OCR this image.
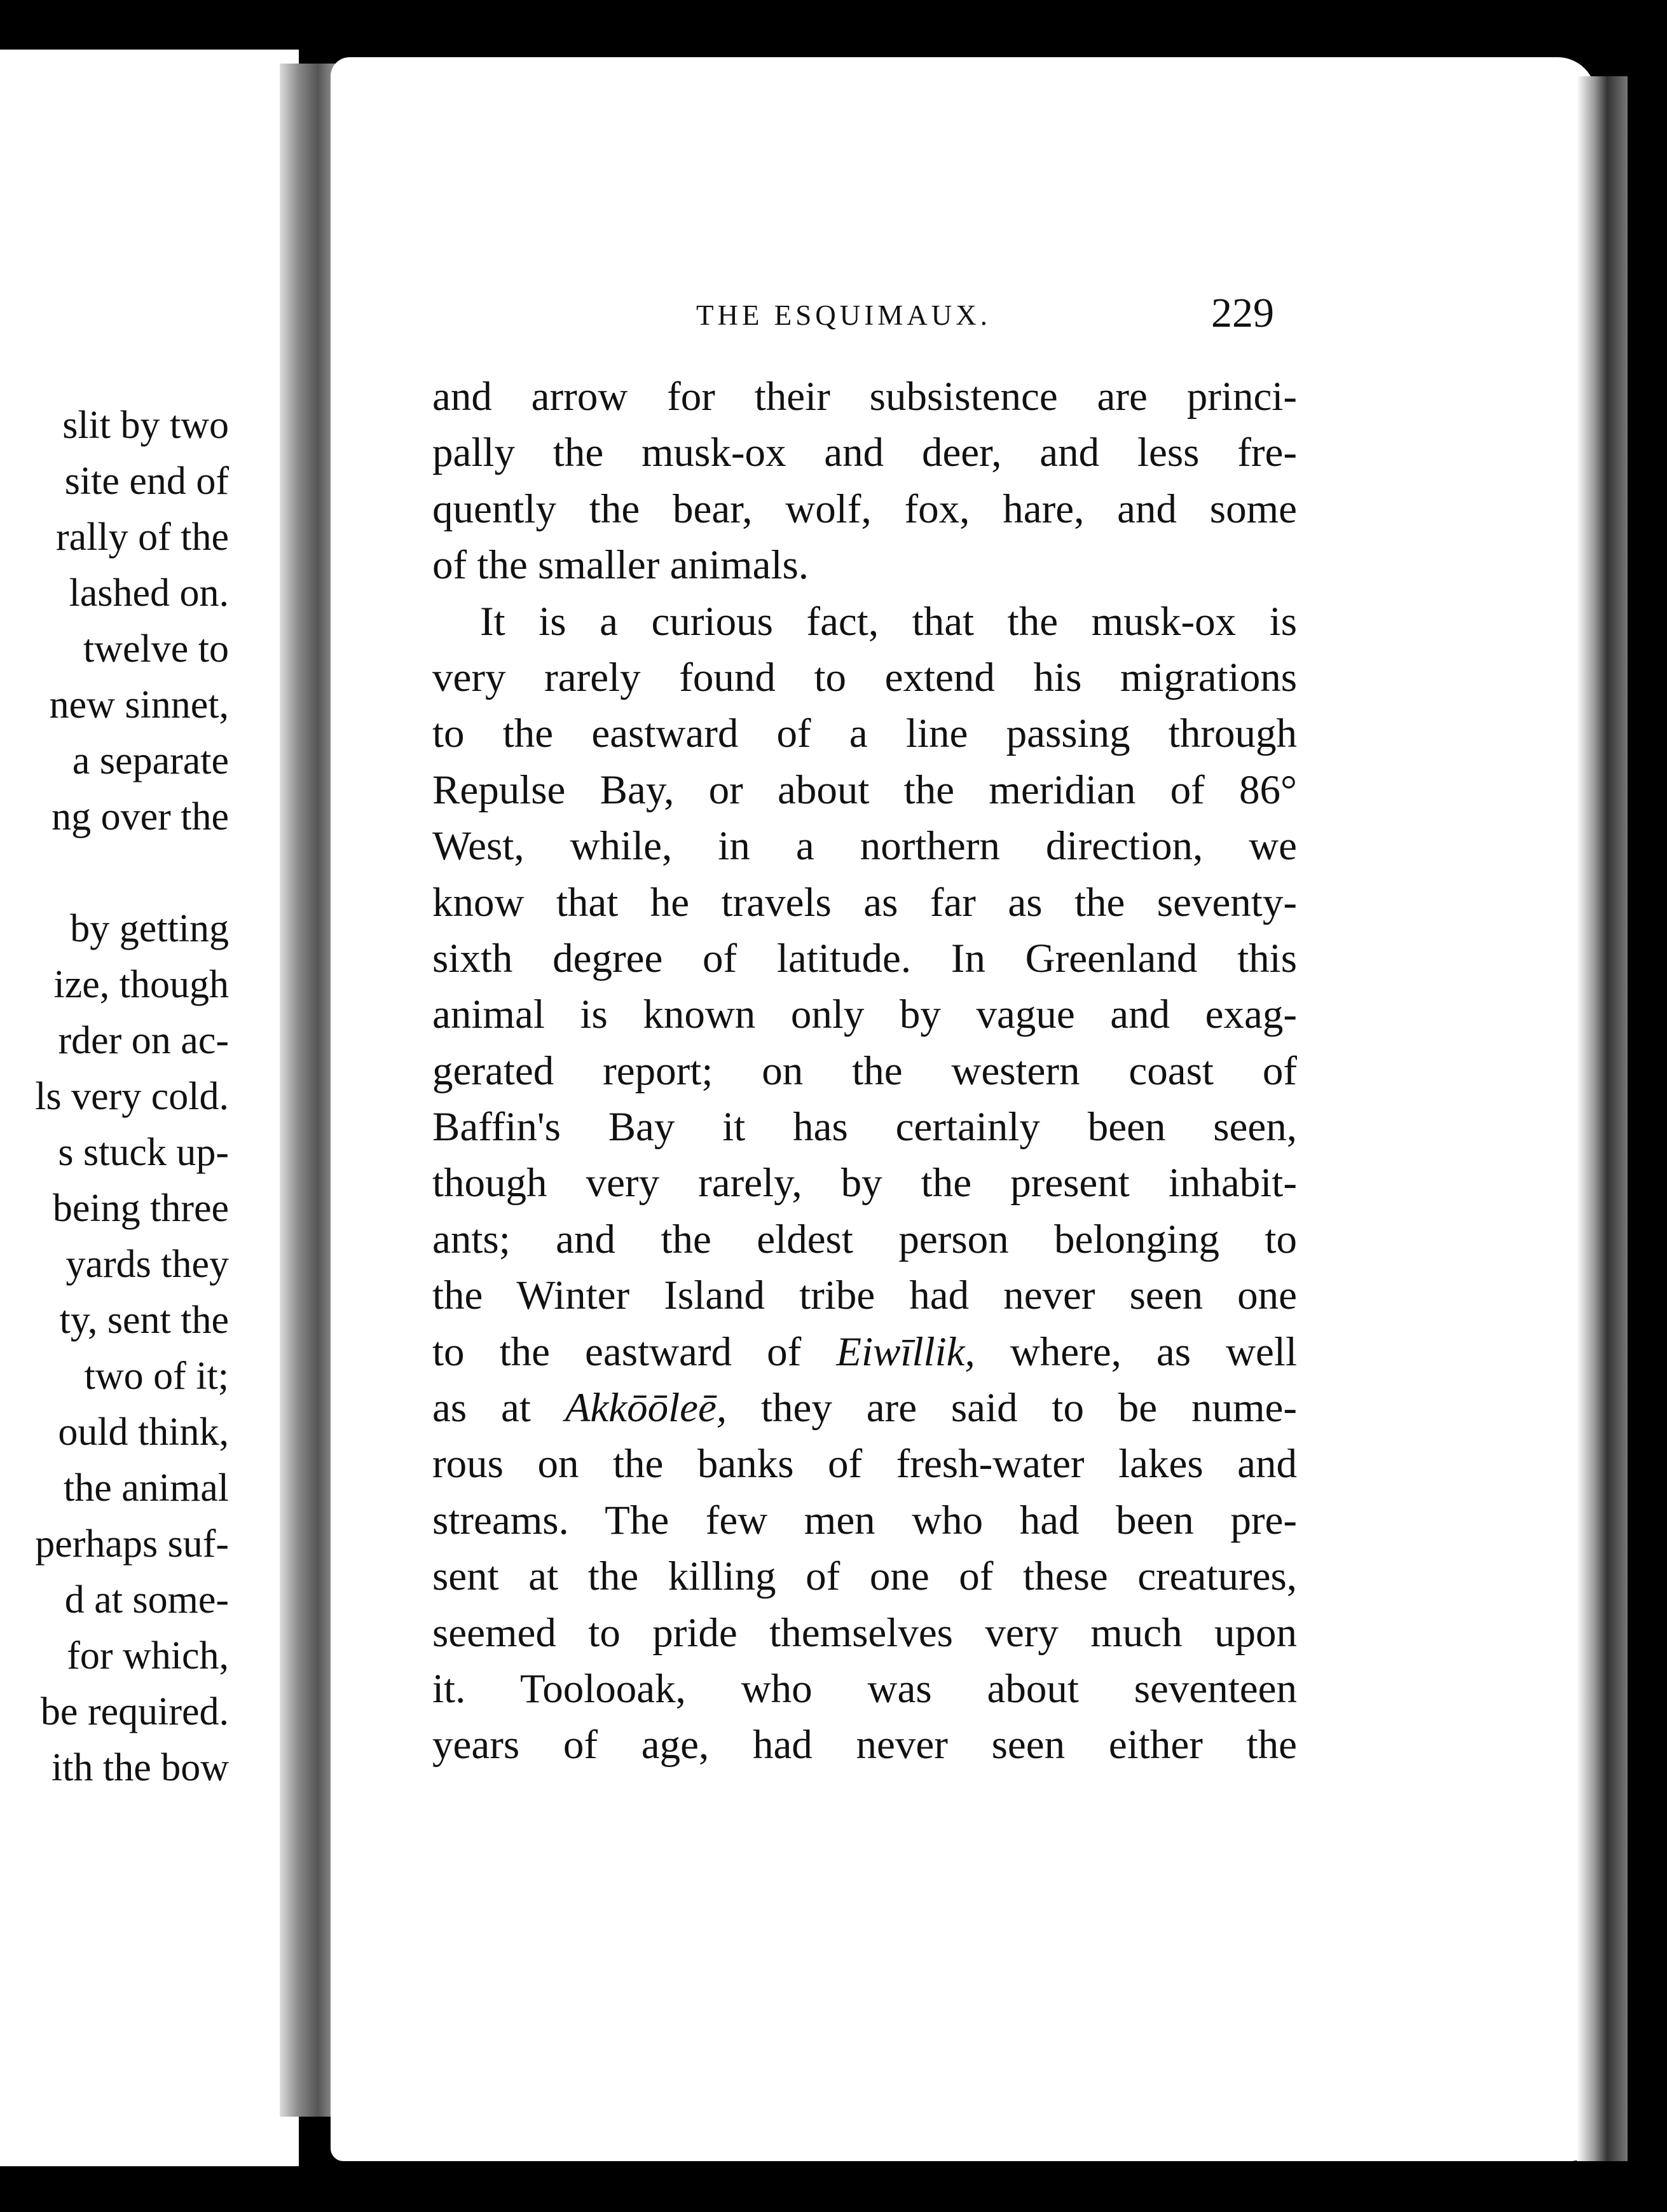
slit by two
site end of
rally of the
lashed on.
twelve to
new sinnet,
a separate
ng over the
by getting
ize, though
rder on ac-
ls very cold.
s stuck up-
being three
yards they
ty, sent the
two of it;
ould think,
the animal
perhaps suf-
d at some-
for which,
be required.
ith the bow
THE ESQUIMAUX.	229
and arrow for their subsistence are princi-
pally the musk-ox and deer, and less fre-
quently the bear, wolf, fox, hare, and some
of the smaller animals.
It is a curious fact, that the musk-ox is
very rarely found to extend his migrations
to the eastward of a line passing through
Repulse Bay, or about the meridian of 86°
West, while, in a northern direction, we
know that he travels as far as the seventy-
sixth degree of latitude. In Greenland this
animal is known only by vague and exag-
gerated report; on the western coast of
Baffin's Bay it has certainly been seen,
though very rarely, by the present inhabit-
ants; and the eldest person belonging to
the Winter Island tribe had never seen one
to the eastward of Eiwīllik, where, as well
as at Akkōōleē, they are said to be nume-
rous on the banks of fresh-water lakes and
streams. The few men who had been pre-
sent at the killing of one of these creatures,
seemed to pride themselves very much upon
it. Toolooak, who was about seventeen
years of age, had never seen either the
